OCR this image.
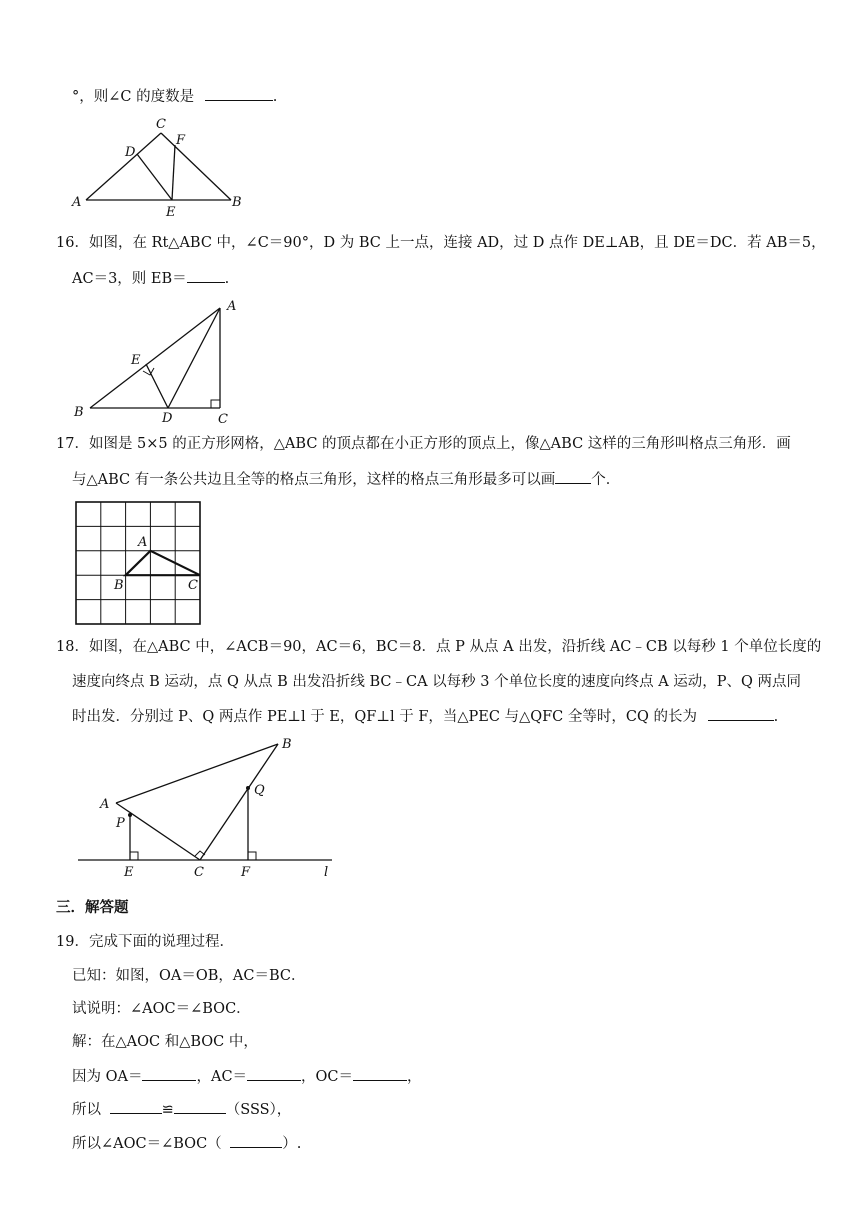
°，则∠C 的度数是	.
C
F
D
A
E
B
16．如图，在 Rt△ABC 中，∠C＝90°，D 为 BC 上一点，连接 AD，过 D 点作 DE⊥AB，且 DE＝DC．若 AB＝5，
AC＝3，则 EB＝	.
A
E
B	D	C
17．如图是 5×5 的正方形网格，△ABC 的顶点都在小正方形的顶点上，像△ABC 这样的三角形叫格点三角形．画
与△ABC 有一条公共边且全等的格点三角形，这样的格点三角形最多可以画 个．
A
B	C
18．如图，在△ABC 中，∠ACB＝90，AC＝6，BC＝8．点 P 从点 A 出发，沿折线 AC﹣CB 以每秒 1 个单位长度的
速度向终点 B 运动，点 Q 从点 B 出发沿折线 BC﹣CA 以每秒 3 个单位长度的速度向终点 A 运动，P、Q 两点同
时出发．分别过 P、Q 两点作 PE⊥l 于 E，QF⊥l 于 F，当△PEC 与△QFC 全等时，CQ 的长为	.
B
Q
A
P
E	C	F	l
三．解答题
19．完成下面的说理过程．
已知：如图，OA＝OB，AC＝BC．
试说明：∠AOC＝∠BOC．
解：在△AOC 和△BOC 中，
因为 OA＝	，AC＝	，OC＝	，
所以	≌	（SSS），
所以∠AOC＝∠BOC（	）.
